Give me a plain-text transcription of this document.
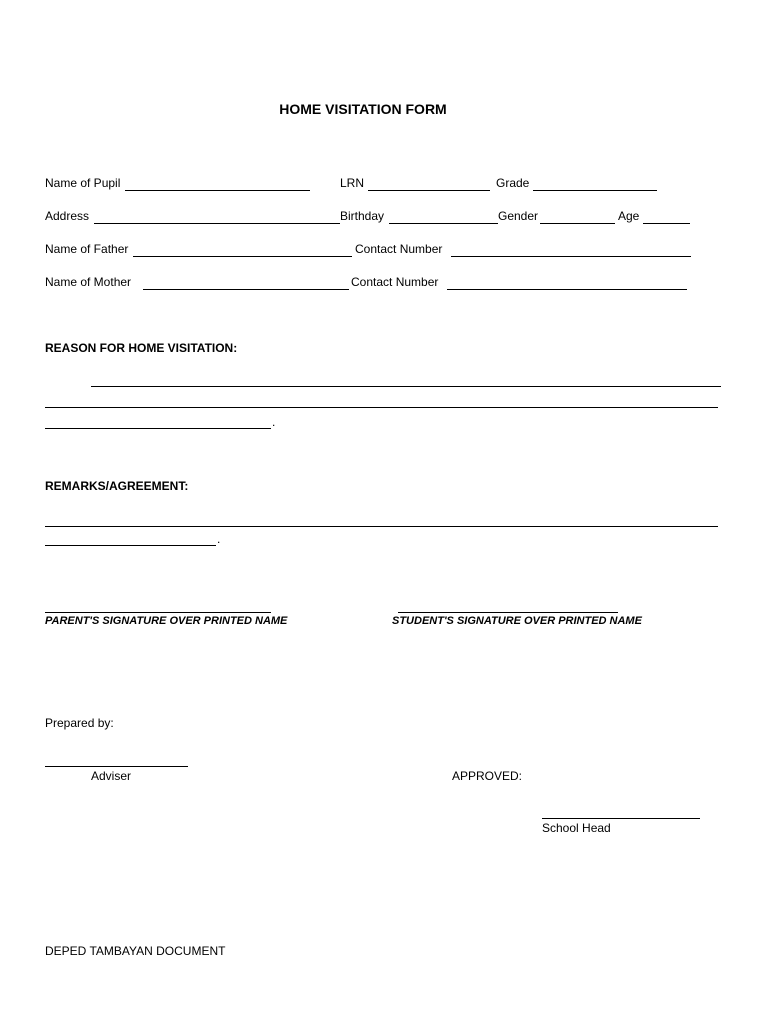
HOME VISITATION FORM
Name of Pupil	LRN	Grade
Address	Birthday	Gender	Age
Name of Father	Contact Number
Name of Mother	Contact Number
REASON FOR HOME VISITATION:
.
REMARKS/AGREEMENT:
.
PARENT'S SIGNATURE OVER PRINTED NAME	STUDENT'S SIGNATURE OVER PRINTED NAME
Prepared by:
Adviser	APPROVED:
School Head
DEPED TAMBAYAN DOCUMENT
